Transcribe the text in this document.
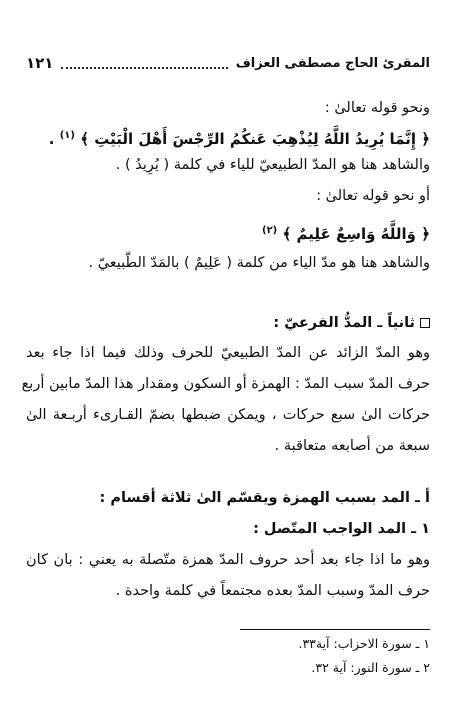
المقرئ الحاج مصطفى العزاف
١٢١
ونحو قوله تعالىٰ :
﴿ إِنَّمَا يُرِيدُ اللَّهُ لِيُذْهِبَ عَنكُمُ الرِّجْسَ أَهْلَ الْبَيْتِ ﴾ $^{(١)}$ .
والشاهد هنا هو المدّ الطبيعيّ للياء في كلمة ( يُرِيدُ ) .
أو نحو قوله تعالىٰ :
﴿ وَاللَّهُ وَاسِعٌ عَلِيمٌ ﴾ $^{(٢)}$
والشاهد هنا هو مدّ الياء من كلمة ( عَلِيمٌ ) بالمَدّ الطّبيعيّ .
ثانياً ـ المدُّ الفرعيّ :
وهو المدّ الزائد عن المدّ الطبيعيّ للحرف وذلك فيما اذا جاء بعد
حرف المدّ سبب المدّ : الهمزة أو السكون ومقدار هذا المدّ مابين أربع
حركات الىٰ سبع حركات ، ويمكن ضبطها بضمّ القـارىء أربـعة الىٰ
سبعة من أصابعه متعاقبة .
أ ـ المد بسبب الهمزة ويقسّم الىٰ ثلاثة أقسام :
١ ـ المد الواجب المتّصل :
وهو ما اذا جاء بعد أحد حروف المدّ همزة متّصلة به يعني : بان كان
حرف المدّ وسبب المدّ بعده مجتمعاً في كلمة واحدة .
١ ـ سورة الاحزاب: آية٣٣.
٢ ـ سورة النور: آية ٣٢.
